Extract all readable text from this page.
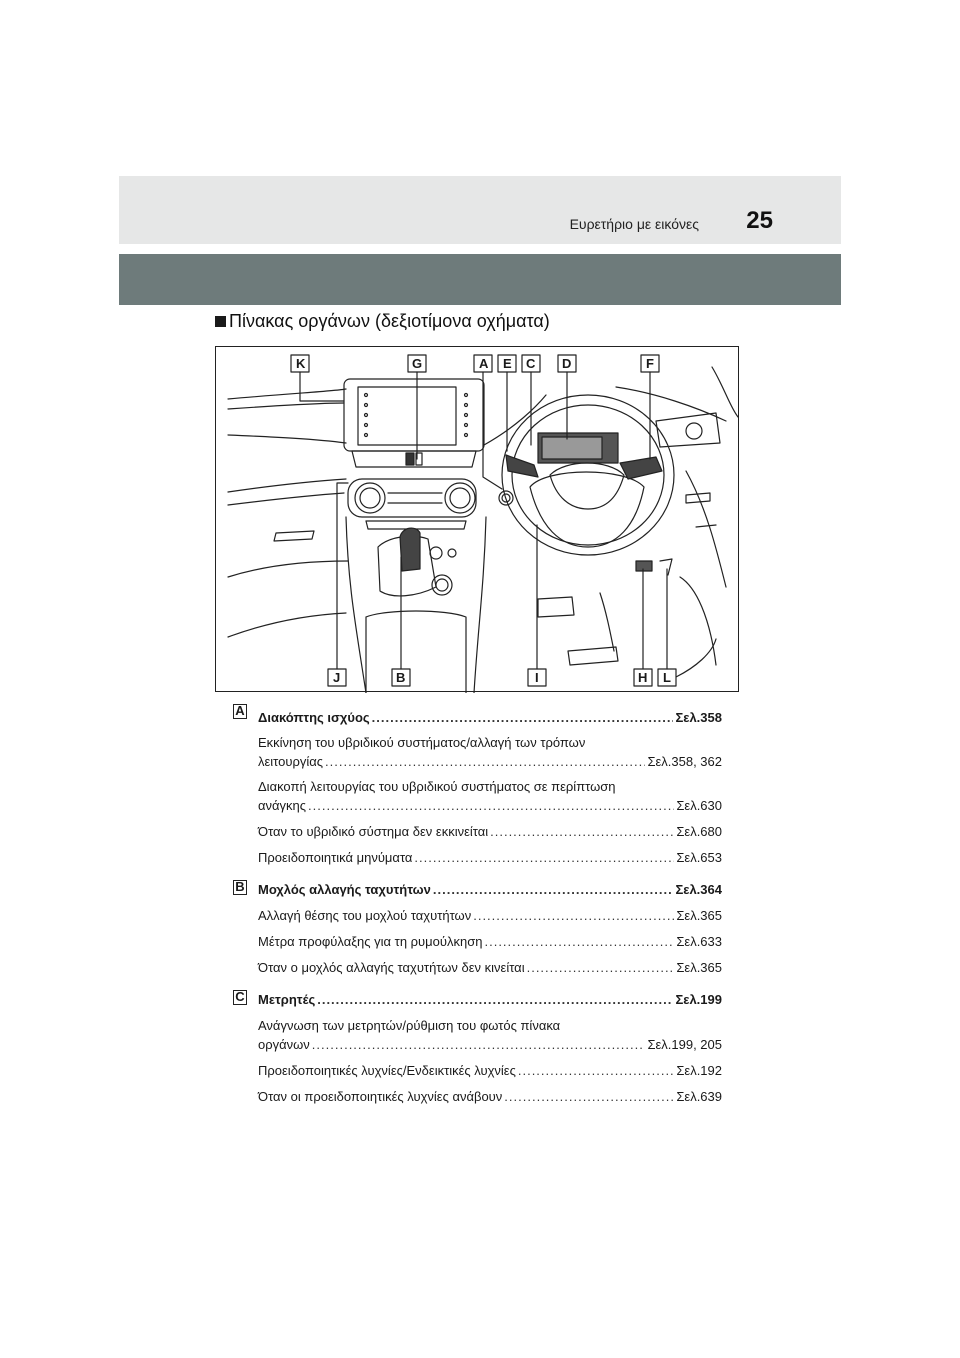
Ευρετήριο με εικόνες 25
Πίνακας οργάνων (δεξιοτίμονα οχήματα)
K	G	A E C D	F
J	B	I	H L
A Διακόπτης ισχύος .....	Σελ.358
Εκκίνηση του υβριδικού συστήματος/αλλαγή των τρόπων
λειτουργίας .....	Σελ.358, 362
Διακοπή λειτουργίας του υβριδικού συστήματος σε περίπτωση
ανάγκης .....	Σελ.630
Όταν το υβριδικό σύστημα δεν εκκινείται .....	Σελ.680
Προειδοποιητικά μηνύματα .....	Σελ.653
B Μοχλός αλλαγής ταχυτήτων .....	Σελ.364
Αλλαγή θέσης του μοχλού ταχυτήτων .....	Σελ.365
Μέτρα προφύλαξης για τη ρυμούλκηση .....	Σελ.633
Όταν ο μοχλός αλλαγής ταχυτήτων δεν κινείται .....	Σελ.365
C Μετρητές .....	Σελ.199
Ανάγνωση των μετρητών/ρύθμιση του φωτός πίνακα
οργάνων .....	Σελ.199, 205
Προειδοποιητικές λυχνίες/Ενδεικτικές λυχνίες .....	Σελ.192
Όταν οι προειδοποιητικές λυχνίες ανάβουν .....	Σελ.639
